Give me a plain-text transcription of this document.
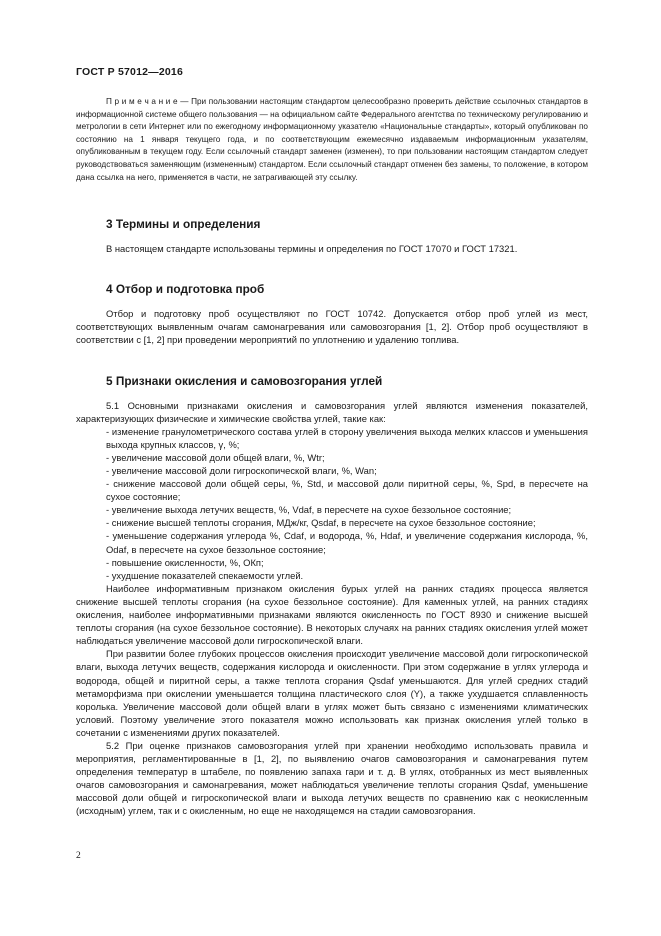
ГОСТ Р 57012—2016

П р и м е ч а н и е — При пользовании настоящим стандартом целесообразно проверить действие ссылочных стандартов в информационной системе общего пользования — на официальном сайте Федерального агентства по техническому регулированию и метрологии в сети Интернет или по ежегодному информационному указателю «Национальные стандарты», который опубликован по состоянию на 1 января текущего года, и по соответствующим ежемесячно издаваемым информационным указателям, опубликованным в текущем году. Если ссылочный стандарт заменен (изменен), то при пользовании настоящим стандартом следует руководствоваться заменяющим (измененным) стандартом. Если ссылочный стандарт отменен без замены, то положение, в котором дана ссылка на него, применяется в части, не затрагивающей эту ссылку.

3 Термины и определения

В настоящем стандарте использованы термины и определения по ГОСТ 17070 и ГОСТ 17321.

4 Отбор и подготовка проб

Отбор и подготовку проб осуществляют по ГОСТ 10742. Допускается отбор проб углей из мест, соответствующих выявленным очагам самонагревания или самовозгорания [1, 2]. Отбор проб осуществляют в соответствии с [1, 2] при проведении мероприятий по уплотнению и удалению топлива.

5 Признаки окисления и самовозгорания углей

5.1 Основными признаками окисления и самовозгорания углей являются изменения показателей, характеризующих физические и химические свойства углей, такие как:

- изменение гранулометрического состава углей в сторону увеличения выхода мелких классов и уменьшения выхода крупных классов, γ, %;

- увеличение массовой доли общей влаги, %, Wtr;

- увеличение массовой доли гигроскопической влаги, %, Wan;

- снижение массовой доли общей серы, %, Std, и массовой доли пиритной серы, %, Spd, в пересчете на сухое состояние;

- увеличение выхода летучих веществ, %, Vdaf, в пересчете на сухое беззольное состояние;

- снижение высшей теплоты сгорания, МДж/кг, Qsdaf, в пересчете на сухое беззольное состояние;

- уменьшение содержания углерода %, Cdaf, и водорода, %, Hdaf, и увеличение содержания кислорода, %, Odaf, в пересчете на сухое беззольное состояние;

- повышение окисленности, %, ОКп;

- ухудшение показателей спекаемости углей.

Наиболее информативным признаком окисления бурых углей на ранних стадиях процесса является снижение высшей теплоты сгорания (на сухое беззольное состояние). Для каменных углей, на ранних стадиях окисления, наиболее информативными признаками являются окисленность по ГОСТ 8930 и снижение высшей теплоты сгорания (на сухое беззольное состояние). В некоторых случаях на ранних стадиях окисления углей может наблюдаться увеличение массовой доли гигроскопической влаги.

При развитии более глубоких процессов окисления происходит увеличение массовой доли гигроскопической влаги, выхода летучих веществ, содержания кислорода и окисленности. При этом содержание в углях углерода и водорода, общей и пиритной серы, а также теплота сгорания Qsdaf уменьшаются. Для углей средних стадий метаморфизма при окислении уменьшается толщина пластического слоя (Y), а также ухудшается сплавленность королька. Увеличение массовой доли общей влаги в углях может быть связано с изменениями климатических условий. Поэтому увеличение этого показателя можно использовать как признак окисления углей только в сочетании с изменениями других показателей.

5.2 При оценке признаков самовозгорания углей при хранении необходимо использовать правила и мероприятия, регламентированные в [1, 2], по выявлению очагов самовозгорания и самонагревания путем определения температур в штабеле, по появлению запаха гари и т. д. В углях, отобранных из мест выявленных очагов самовозгорания и самонагревания, может наблюдаться увеличение теплоты сгорания Qsdaf, уменьшение массовой доли общей и гигроскопической влаги и выхода летучих веществ по сравнению как с неокисленным (исходным) углем, так и с окисленным, но еще не находящемся на стадии самовозгорания.

2
